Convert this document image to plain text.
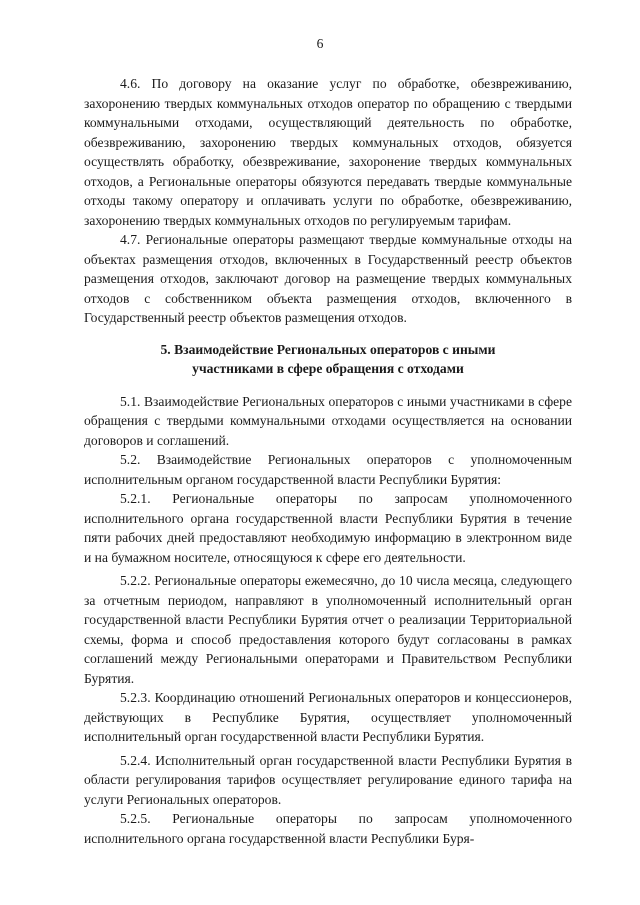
6

4.6. По договору на оказание услуг по обработке, обезвреживанию, захоронению твердых коммунальных отходов оператор по обращению с твердыми коммунальными отходами, осуществляющий деятельность по обработке, обезвреживанию, захоронению твердых коммунальных отходов, обязуется осуществлять обработку, обезвреживание, захоронение твердых коммунальных отходов, а Региональные операторы обязуются передавать твердые коммунальные отходы такому оператору и оплачивать услуги по обработке, обезвреживанию, захоронению твердых коммунальных отходов по регулируемым тарифам.

4.7. Региональные операторы размещают твердые коммунальные отходы на объектах размещения отходов, включенных в Государственный реестр объектов размещения отходов, заключают договор на размещение твердых коммунальных отходов с собственником объекта размещения отходов, включенного в Государственный реестр объектов размещения отходов.

5. Взаимодействие Региональных операторов с иными
участниками в сфере обращения с отходами

5.1. Взаимодействие Региональных операторов с иными участниками в сфере обращения с твердыми коммунальными отходами осуществляется на основании договоров и соглашений.

5.2. Взаимодействие Региональных операторов с уполномоченным исполнительным органом государственной власти Республики Бурятия:

5.2.1. Региональные операторы по запросам уполномоченного исполнительного органа государственной власти Республики Бурятия в течение пяти рабочих дней предоставляют необходимую информацию в электронном виде и на бумажном носителе, относящуюся к сфере его деятельности.

5.2.2. Региональные операторы ежемесячно, до 10 числа месяца, следующего за отчетным периодом, направляют в уполномоченный исполнительный орган государственной власти Республики Бурятия отчет о реализации Территориальной схемы, форма и способ предоставления которого будут согласованы в рамках соглашений между Региональными операторами и Правительством Республики Бурятия.

5.2.3. Координацию отношений Региональных операторов и концессионеров, действующих в Республике Бурятия, осуществляет уполномоченный исполнительный орган государственной власти Республики Бурятия.

5.2.4. Исполнительный орган государственной власти Республики Бурятия в области регулирования тарифов осуществляет регулирование единого тарифа на услуги Региональных операторов.

5.2.5. Региональные операторы по запросам уполномоченного исполнительного органа государственной власти Республики Буря-
